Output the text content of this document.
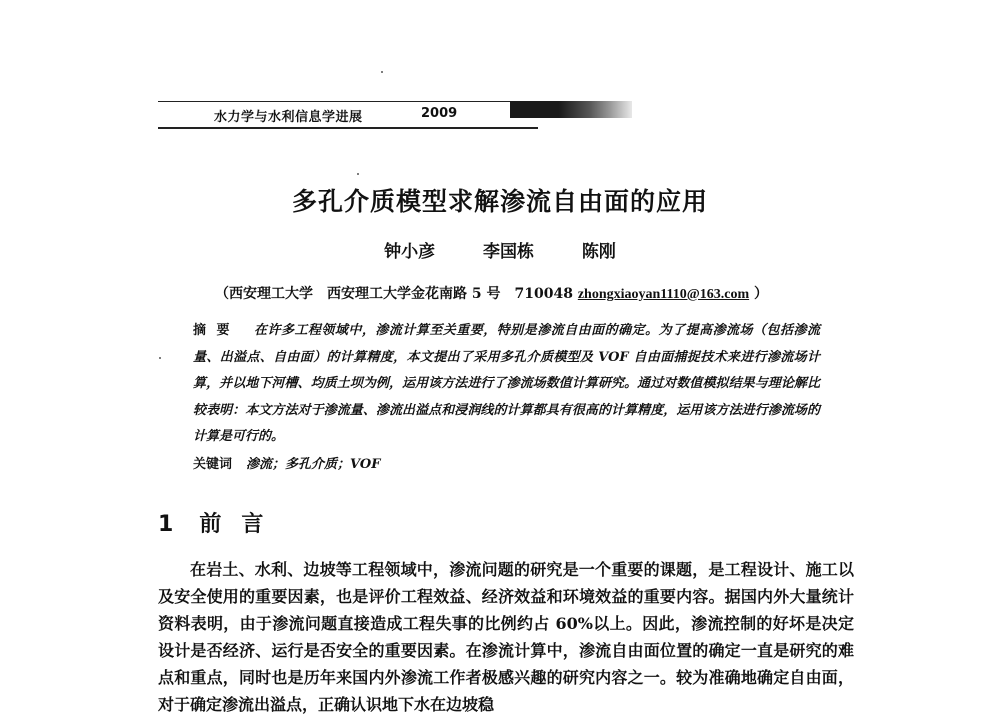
水力学与水利信息学进展	2009
多孔介质模型求解渗流自由面的应用
钟小彦	李国栋	陈刚
（西安理工大学　西安理工大学金花南路 5 号　710048 zhongxiaoyan1110@163.com ）
摘要 在许多工程领域中，渗流计算至关重要，特别是渗流自由面的确定。为了提高渗流场（包括渗流量、出溢点、自由面）的计算精度，本文提出了采用多孔介质模型及 VOF 自由面捕捉技术来进行渗流场计算，并以地下河槽、均质土坝为例，运用该方法进行了渗流场数值计算研究。通过对数值模拟结果与理论解比较表明：本文方法对于渗流量、渗流出溢点和浸润线的计算都具有很高的计算精度，运用该方法进行渗流场的计算是可行的。
关键词 渗流；多孔介质；VOF
1 前言
在岩土、水利、边坡等工程领域中，渗流问题的研究是一个重要的课题，是工程设计、施工以及安全使用的重要因素，也是评价工程效益、经济效益和环境效益的重要内容。据国内外大量统计资料表明，由于渗流问题直接造成工程失事的比例约占 60%以上。因此，渗流控制的好坏是决定设计是否经济、运行是否安全的重要因素。在渗流计算中，渗流自由面位置的确定一直是研究的难点和重点，同时也是历年来国内外渗流工作者极感兴趣的研究内容之一。较为准确地确定自由面，对于确定渗流出溢点，正确认识地下水在边坡稳
